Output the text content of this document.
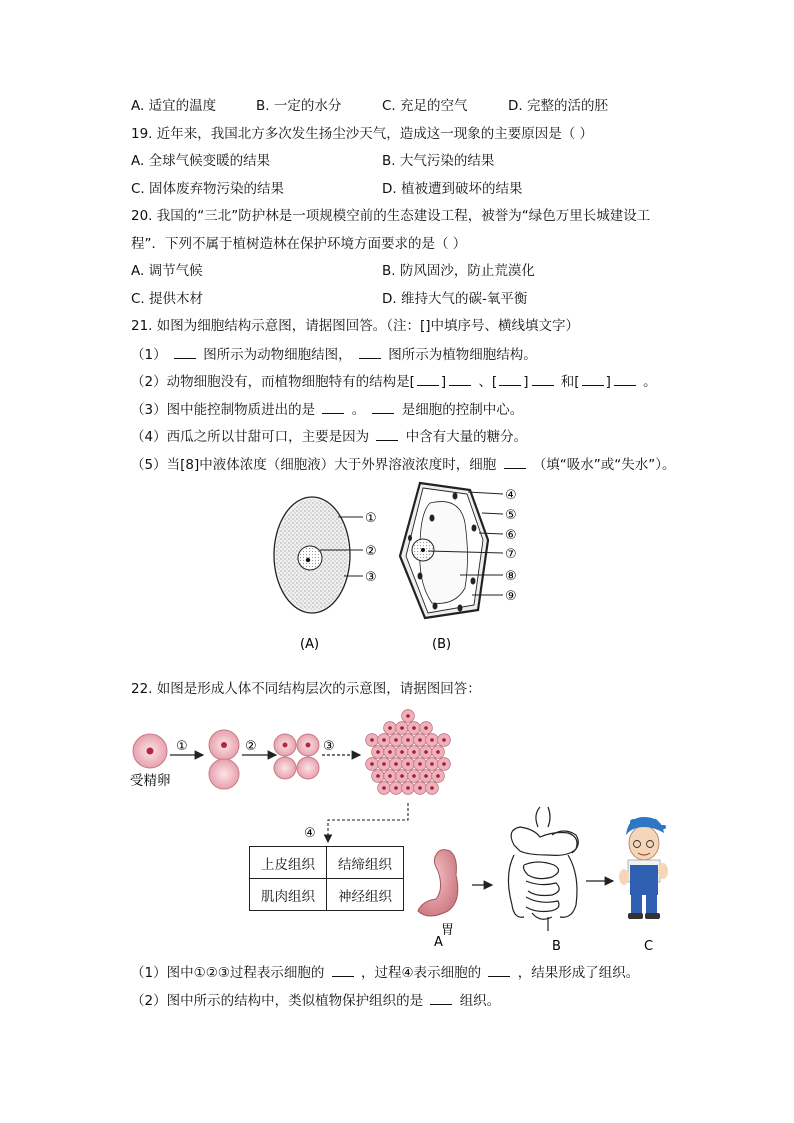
A. 适宜的温度	B. 一定的水分	C. 充足的空气	D. 完整的活的胚
19. 近年来，我国北方多次发生扬尘沙天气，造成这一现象的主要原因是（ ）
A. 全球气候变暖的结果	B. 大气污染的结果
C. 固体废弃物污染的结果	D. 植被遭到破坏的结果
20. 我国的“三北”防护林是一项规模空前的生态建设工程，被誉为“绿色万里长城建设工
程”．下列不属于植树造林在保护环境方面要求的是（ ）
A. 调节气候	B. 防风固沙，防止荒漠化
C. 提供木材	D. 维持大气的碳-氧平衡
21. 如图为细胞结构示意图，请据图回答。（注：[]中填序号、横线填文字）
（1）	图所示为动物细胞结图，	图所示为植物细胞结构。
（2）动物细胞没有，而植物细胞特有的结构是[ ] 、[ ] 和[ ] 。
（3）图中能控制物质进出的是	。	是细胞的控制中心。
（4）西瓜之所以甘甜可口，主要是因为	中含有大量的糖分。
（5）当[8]中液体浓度（细胞液）大于外界溶液浓度时，细胞	（填“吸水”或“失水”）。
①
②
③
(A)
④
⑤
⑥
⑦
⑧
⑨
(B)
22. 如图是形成人体不同结构层次的示意图，请据图回答：
受精卵
①	②	③
④
胃
A	B	C
上皮组织	结缔组织
肌肉组织	神经组织
（1）图中①②③过程表示细胞的	，过程④表示细胞的	，结果形成了组织。
（2）图中所示的结构中，类似植物保护组织的是	组织。
